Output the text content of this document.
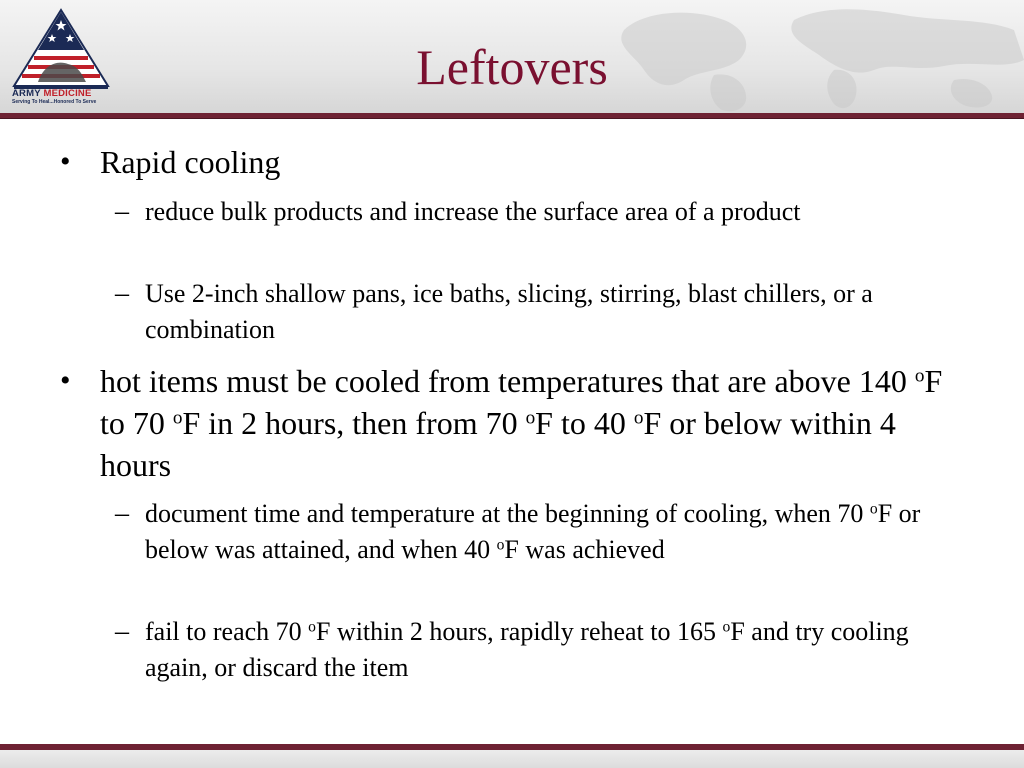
ARMY MEDICINE
Serving To Heal...Honored To Serve
Leftovers
• Rapid cooling
– reduce bulk products and increase the surface area of a product
– Use 2-inch shallow pans, ice baths, slicing, stirring, blast chillers, or a combination
• hot items must be cooled from temperatures that are above 140 $^o$F to 70 $^o$F in 2 hours, then from 70 $^o$F to 40 $^o$F or below within 4 hours
– document time and temperature at the beginning of cooling, when 70 $^o$F or below was attained, and when 40 $^o$F was achieved
– fail to reach 70 $^o$F within 2 hours, rapidly reheat to 165 $^o$F and try cooling again, or discard the item
